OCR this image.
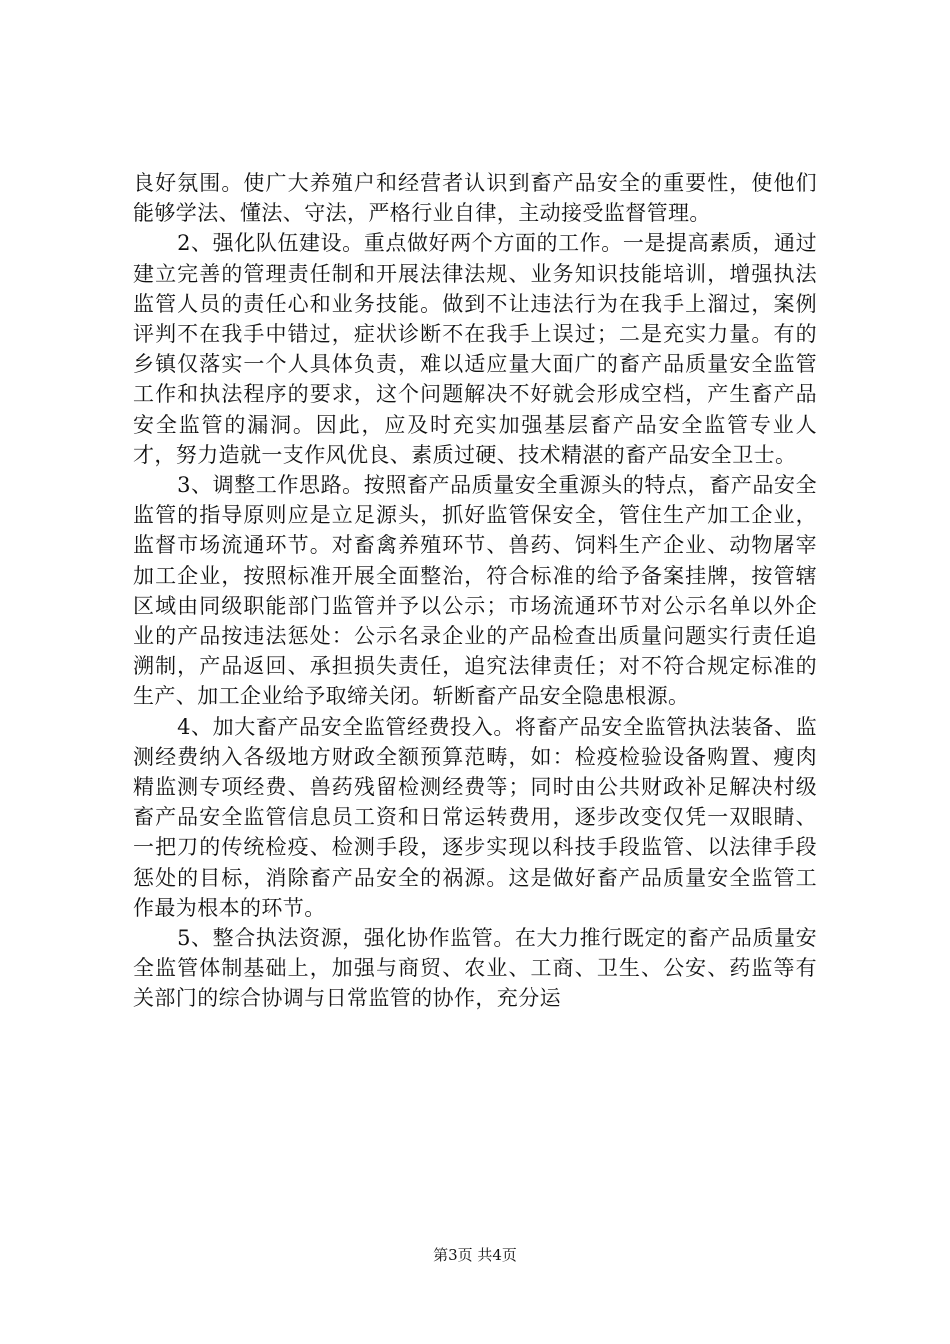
良好氛围。使广大养殖户和经营者认识到畜产品安全的重要性，使他们能够学法、懂法、守法，严格行业自律，主动接受监督管理。

2、强化队伍建设。重点做好两个方面的工作。一是提高素质，通过建立完善的管理责任制和开展法律法规、业务知识技能培训，增强执法监管人员的责任心和业务技能。做到不让违法行为在我手上溜过，案例评判不在我手中错过，症状诊断不在我手上误过；二是充实力量。有的乡镇仅落实一个人具体负责，难以适应量大面广的畜产品质量安全监管工作和执法程序的要求，这个问题解决不好就会形成空档，产生畜产品安全监管的漏洞。因此，应及时充实加强基层畜产品安全监管专业人才，努力造就一支作风优良、素质过硬、技术精湛的畜产品安全卫士。

3、调整工作思路。按照畜产品质量安全重源头的特点，畜产品安全监管的指导原则应是立足源头，抓好监管保安全，管住生产加工企业，监督市场流通环节。对畜禽养殖环节、兽药、饲料生产企业、动物屠宰加工企业，按照标准开展全面整治，符合标准的给予备案挂牌，按管辖区域由同级职能部门监管并予以公示；市场流通环节对公示名单以外企业的产品按违法惩处：公示名录企业的产品检查出质量问题实行责任追溯制，产品返回、承担损失责任，追究法律责任；对不符合规定标准的生产、加工企业给予取缔关闭。斩断畜产品安全隐患根源。

4、加大畜产品安全监管经费投入。将畜产品安全监管执法装备、监测经费纳入各级地方财政全额预算范畴，如：检疫检验设备购置、瘦肉精监测专项经费、兽药残留检测经费等；同时由公共财政补足解决村级畜产品安全监管信息员工资和日常运转费用，逐步改变仅凭一双眼睛、一把刀的传统检疫、检测手段，逐步实现以科技手段监管、以法律手段惩处的目标，消除畜产品安全的祸源。这是做好畜产品质量安全监管工作最为根本的环节。

5、整合执法资源，强化协作监管。在大力推行既定的畜产品质量安全监管体制基础上，加强与商贸、农业、工商、卫生、公安、药监等有关部门的综合协调与日常监管的协作，充分运

第3页 共4页
